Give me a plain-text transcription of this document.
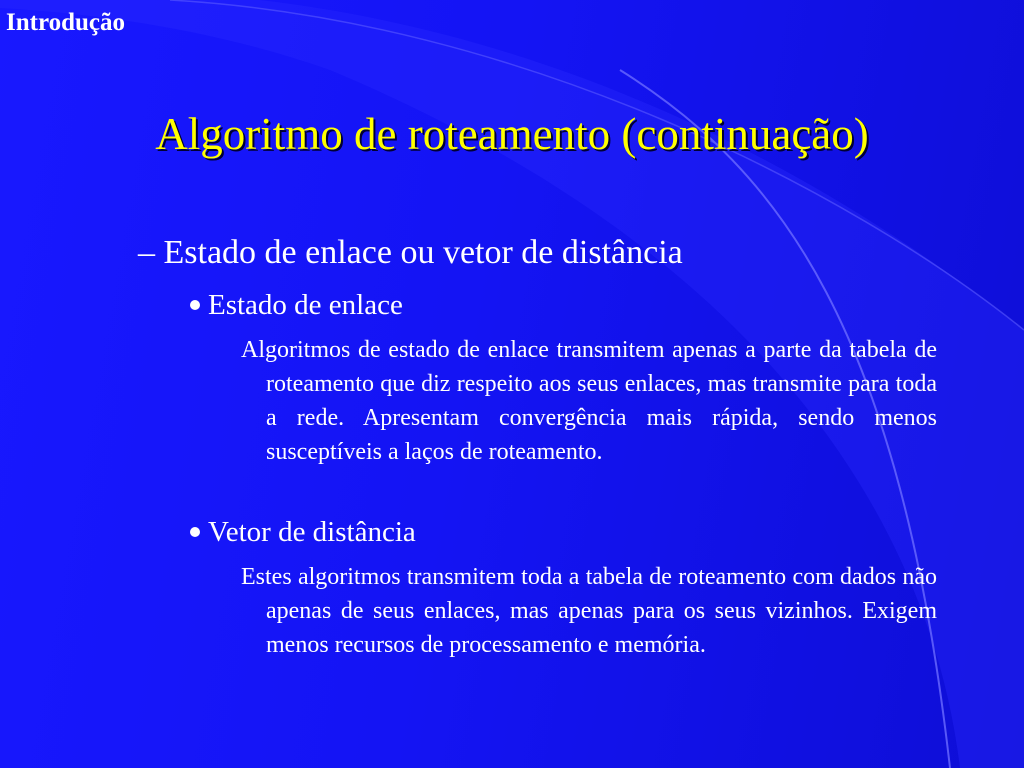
Introdução
Algoritmo de roteamento (continuação)
– Estado de enlace ou vetor de distância
Estado de enlace
Algoritmos de estado de enlace transmitem apenas a parte da tabela de roteamento que diz respeito aos seus enlaces, mas transmite para toda a rede. Apresentam convergência mais rápida, sendo menos susceptíveis a laços de roteamento.
Vetor de distância
Estes algoritmos transmitem toda a tabela de roteamento com dados não apenas de seus enlaces, mas apenas para os seus vizinhos. Exigem menos recursos de processamento e memória.
